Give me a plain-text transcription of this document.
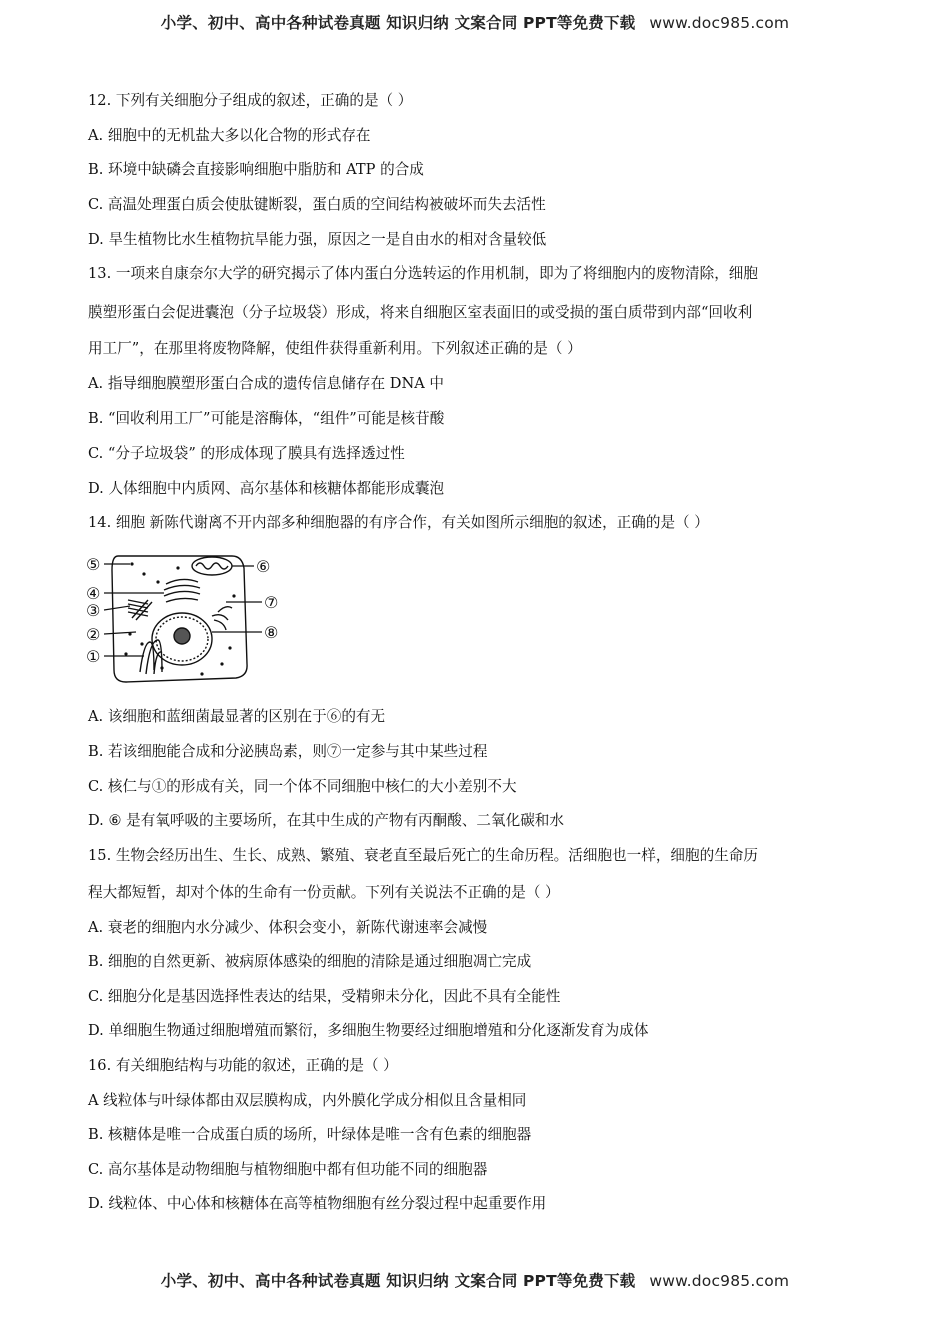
小学、初中、高中各种试卷真题 知识归纳 文案合同 PPT等免费下载 www.doc985.com
12. 下列有关细胞分子组成的叙述，正确的是（ ）
A. 细胞中的无机盐大多以化合物的形式存在
B. 环境中缺磷会直接影响细胞中脂肪和 ATP 的合成
C. 高温处理蛋白质会使肽键断裂，蛋白质的空间结构被破坏而失去活性
D. 旱生植物比水生植物抗旱能力强，原因之一是自由水的相对含量较低
13. 一项来自康奈尔大学的研究揭示了体内蛋白分选转运的作用机制，即为了将细胞内的废物清除，细胞
膜塑形蛋白会促进囊泡（分子垃圾袋）形成，将来自细胞区室表面旧的或受损的蛋白质带到内部“回收利
用工厂”，在那里将废物降解，使组件获得重新利用。下列叙述正确的是（ ）
A. 指导细胞膜塑形蛋白合成的遗传信息储存在 DNA 中
B. “回收利用工厂”可能是溶酶体，“组件”可能是核苷酸
C. “分子垃圾袋” 的形成体现了膜具有选择透过性
D. 人体细胞中内质网、高尔基体和核糖体都能形成囊泡
14. 细胞 新陈代谢离不开内部多种细胞器的有序合作，有关如图所示细胞的叙述，正确的是（ ）
⑤
④
③
②
①
⑥
⑦
⑧
A. 该细胞和蓝细菌最显著的区别在于⑥的有无
B. 若该细胞能合成和分泌胰岛素，则⑦一定参与其中某些过程
C. 核仁与①的形成有关，同一个体不同细胞中核仁的大小差别不大
D. ⑥ 是有氧呼吸的主要场所，在其中生成的产物有丙酮酸、二氧化碳和水
15. 生物会经历出生、生长、成熟、繁殖、衰老直至最后死亡的生命历程。活细胞也一样，细胞的生命历
程大都短暂，却对个体的生命有一份贡献。下列有关说法不正确的是（ ）
A. 衰老的细胞内水分减少、体积会变小，新陈代谢速率会减慢
B. 细胞的自然更新、被病原体感染的细胞的清除是通过细胞凋亡完成
C. 细胞分化是基因选择性表达的结果，受精卵未分化，因此不具有全能性
D. 单细胞生物通过细胞增殖而繁衍，多细胞生物要经过细胞增殖和分化逐渐发育为成体
16. 有关细胞结构与功能的叙述，正确的是（ ）
A 线粒体与叶绿体都由双层膜构成，内外膜化学成分相似且含量相同
B. 核糖体是唯一合成蛋白质的场所，叶绿体是唯一含有色素的细胞器
C. 高尔基体是动物细胞与植物细胞中都有但功能不同的细胞器
D. 线粒体、中心体和核糖体在高等植物细胞有丝分裂过程中起重要作用
小学、初中、高中各种试卷真题 知识归纳 文案合同 PPT等免费下载 www.doc985.com
